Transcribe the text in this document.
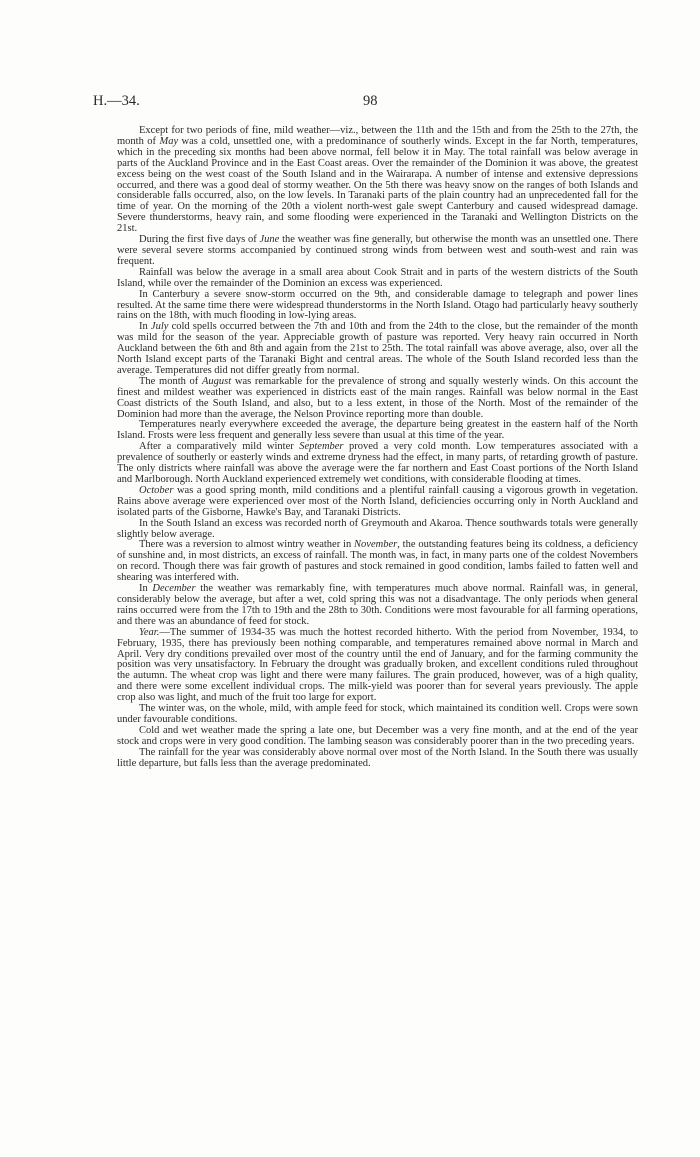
H.—34.	98

Except for two periods of fine, mild weather—viz., between the 11th and the 15th and from the 25th to the 27th, the month of May was a cold, unsettled one, with a predominance of southerly winds. Except in the far North, temperatures, which in the preceding six months had been above normal, fell below it in May. The total rainfall was below average in parts of the Auckland Province and in the East Coast areas. Over the remainder of the Dominion it was above, the greatest excess being on the west coast of the South Island and in the Wairarapa. A number of intense and extensive depressions occurred, and there was a good deal of stormy weather. On the 5th there was heavy snow on the ranges of both Islands and considerable falls occurred, also, on the low levels. In Taranaki parts of the plain country had an unprecedented fall for the time of year. On the morning of the 20th a violent north-west gale swept Canterbury and caused widespread damage. Severe thunderstorms, heavy rain, and some flooding were experienced in the Taranaki and Wellington Districts on the 21st.

During the first five days of June the weather was fine generally, but otherwise the month was an unsettled one. There were several severe storms accompanied by continued strong winds from between west and south-west and rain was frequent.

Rainfall was below the average in a small area about Cook Strait and in parts of the western districts of the South Island, while over the remainder of the Dominion an excess was experienced.

In Canterbury a severe snow-storm occurred on the 9th, and considerable damage to telegraph and power lines resulted. At the same time there were widespread thunderstorms in the North Island. Otago had particularly heavy southerly rains on the 18th, with much flooding in low-lying areas.

In July cold spells occurred between the 7th and 10th and from the 24th to the close, but the remainder of the month was mild for the season of the year. Appreciable growth of pasture was reported. Very heavy rain occurred in North Auckland between the 6th and 8th and again from the 21st to 25th. The total rainfall was above average, also, over all the North Island except parts of the Taranaki Bight and central areas. The whole of the South Island recorded less than the average. Temperatures did not differ greatly from normal.

The month of August was remarkable for the prevalence of strong and squally westerly winds. On this account the finest and mildest weather was experienced in districts east of the main ranges. Rainfall was below normal in the East Coast districts of the South Island, and also, but to a less extent, in those of the North. Most of the remainder of the Dominion had more than the average, the Nelson Province reporting more than double.

Temperatures nearly everywhere exceeded the average, the departure being greatest in the eastern half of the North Island. Frosts were less frequent and generally less severe than usual at this time of the year.

After a comparatively mild winter September proved a very cold month. Low temperatures associated with a prevalence of southerly or easterly winds and extreme dryness had the effect, in many parts, of retarding growth of pasture. The only districts where rainfall was above the average were the far northern and East Coast portions of the North Island and Marlborough. North Auckland experienced extremely wet conditions, with considerable flooding at times.

October was a good spring month, mild conditions and a plentiful rainfall causing a vigorous growth in vegetation. Rains above average were experienced over most of the North Island, deficiencies occurring only in North Auckland and isolated parts of the Gisborne, Hawke's Bay, and Taranaki Districts.

In the South Island an excess was recorded north of Greymouth and Akaroa. Thence southwards totals were generally slightly below average.

There was a reversion to almost wintry weather in November, the outstanding features being its coldness, a deficiency of sunshine and, in most districts, an excess of rainfall. The month was, in fact, in many parts one of the coldest Novembers on record. Though there was fair growth of pastures and stock remained in good condition, lambs failed to fatten well and shearing was interfered with.

In December the weather was remarkably fine, with temperatures much above normal. Rainfall was, in general, considerably below the average, but after a wet, cold spring this was not a disadvantage. The only periods when general rains occurred were from the 17th to 19th and the 28th to 30th. Conditions were most favourable for all farming operations, and there was an abundance of feed for stock.

Year.—The summer of 1934-35 was much the hottest recorded hitherto. With the period from November, 1934, to February, 1935, there has previously been nothing comparable, and temperatures remained above normal in March and April. Very dry conditions prevailed over most of the country until the end of January, and for the farming community the position was very unsatisfactory. In February the drought was gradually broken, and excellent conditions ruled throughout the autumn. The wheat crop was light and there were many failures. The grain produced, however, was of a high quality, and there were some excellent individual crops. The milk-yield was poorer than for several years previously. The apple crop also was light, and much of the fruit too large for export.

The winter was, on the whole, mild, with ample feed for stock, which maintained its condition well. Crops were sown under favourable conditions.

Cold and wet weather made the spring a late one, but December was a very fine month, and at the end of the year stock and crops were in very good condition. The lambing season was considerably poorer than in the two preceding years.

The rainfall for the year was considerably above normal over most of the North Island. In the South there was usually little departure, but falls less than the average predominated.
